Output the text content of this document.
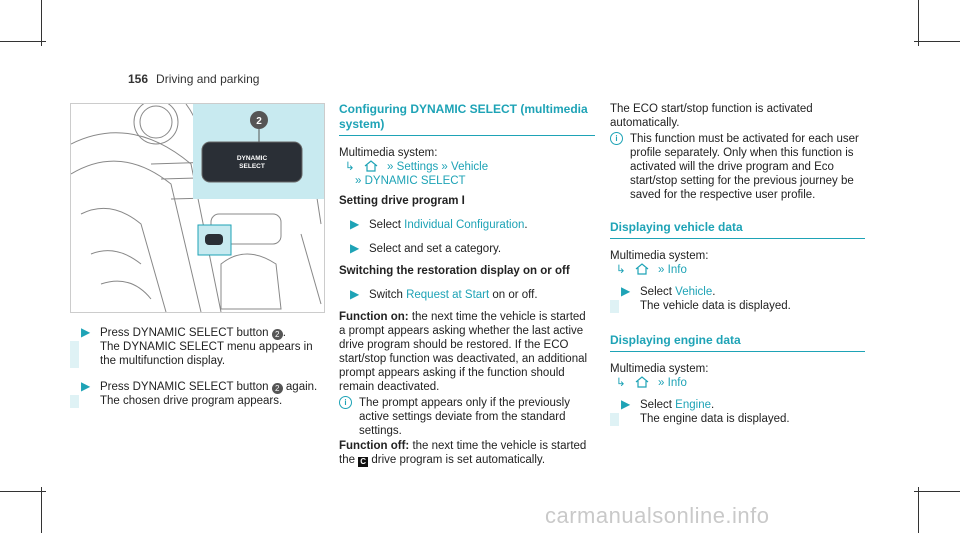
156 Driving and parking
DYNAMIC
SELECT
2
▶ Press DYNAMIC SELECT button 2 .

The DYNAMIC SELECT menu appears in the multifunction display.

▶ Press DYNAMIC SELECT button 2 again.

The chosen drive program appears.

Configuring DYNAMIC SELECT (multimedia system)

Multimedia system:

↳	» Settings » Vehicle

» DYNAMIC SELECT

Setting drive program I

▶ Select Individual Configuration.

▶ Select and set a category.

Switching the restoration display on or off

▶ Switch Request at Start on or off.

Function on: the next time the vehicle is started a prompt appears asking whether the last active drive program should be restored. If the ECO start/stop function was deactivated, an additional prompt appears asking if the function should remain deactivated.

i	The prompt appears only if the previously active settings deviate from the standard settings.

Function off: the next time the vehicle is started the C drive program is set automatically.

The ECO start/stop function is activated automatically.

i	This function must be activated for each user profile separately. Only when this function is activated will the drive program and Eco start/stop setting for the previous journey be saved for the respective user profile.

Displaying vehicle data

Multimedia system:

↳	» Info

▶ Select Vehicle.

The vehicle data is displayed.

Displaying engine data

Multimedia system:

↳	» Info

▶ Select Engine.

The engine data is displayed.

carmanualsonline.info
